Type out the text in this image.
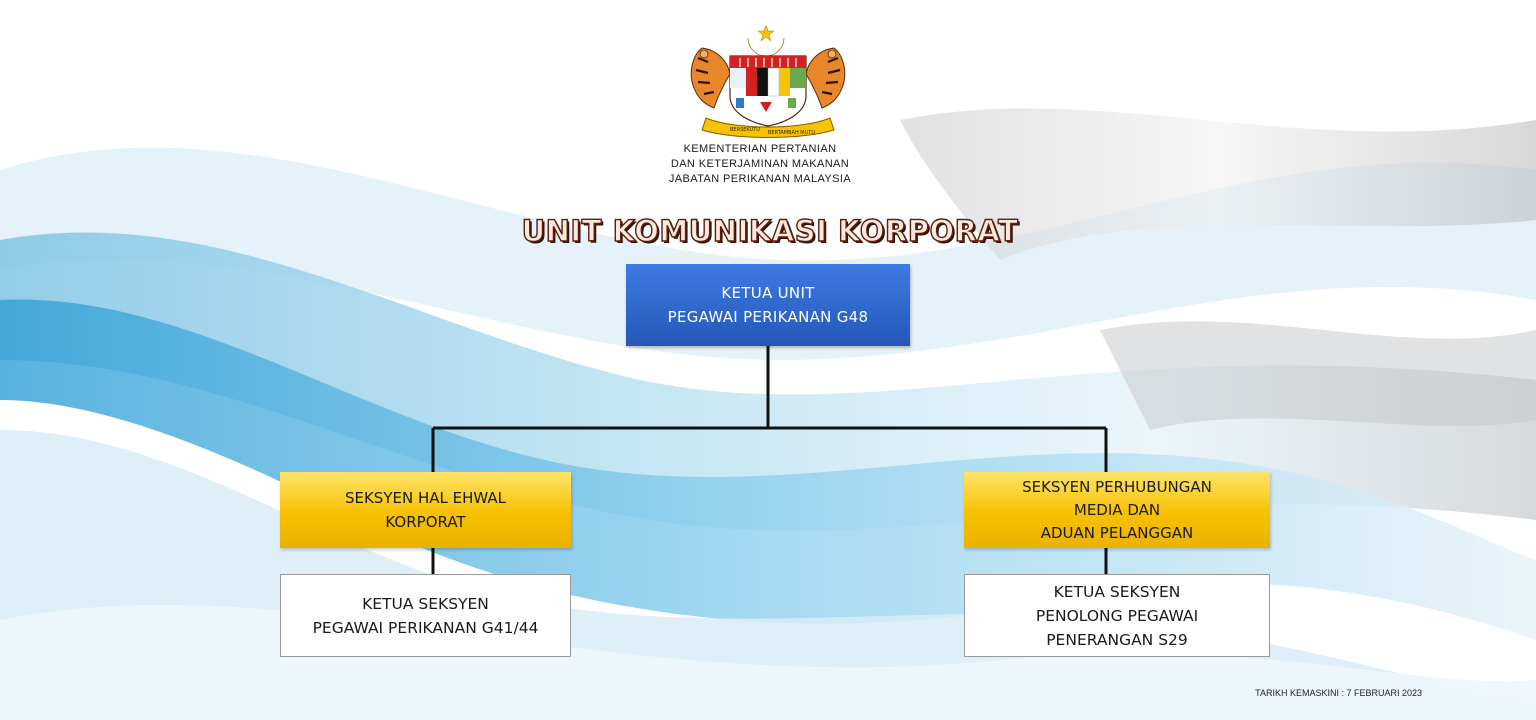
BERSEKUTU BERTAMBAH MUTU
KEMENTERIAN PERTANIAN
DAN KETERJAMINAN MAKANAN
JABATAN PERIKANAN MALAYSIA
UNIT KOMUNIKASI KORPORAT
KETUA UNIT
PEGAWAI PERIKANAN G48
SEKSYEN HAL EHWAL
KORPORAT
KETUA SEKSYEN
PEGAWAI PERIKANAN G41/44
SEKSYEN PERHUBUNGAN
MEDIA DAN
ADUAN PELANGGAN
KETUA SEKSYEN
PENOLONG PEGAWAI
PENERANGAN S29
TARIKH KEMASKINI : 7 FEBRUARI 2023
